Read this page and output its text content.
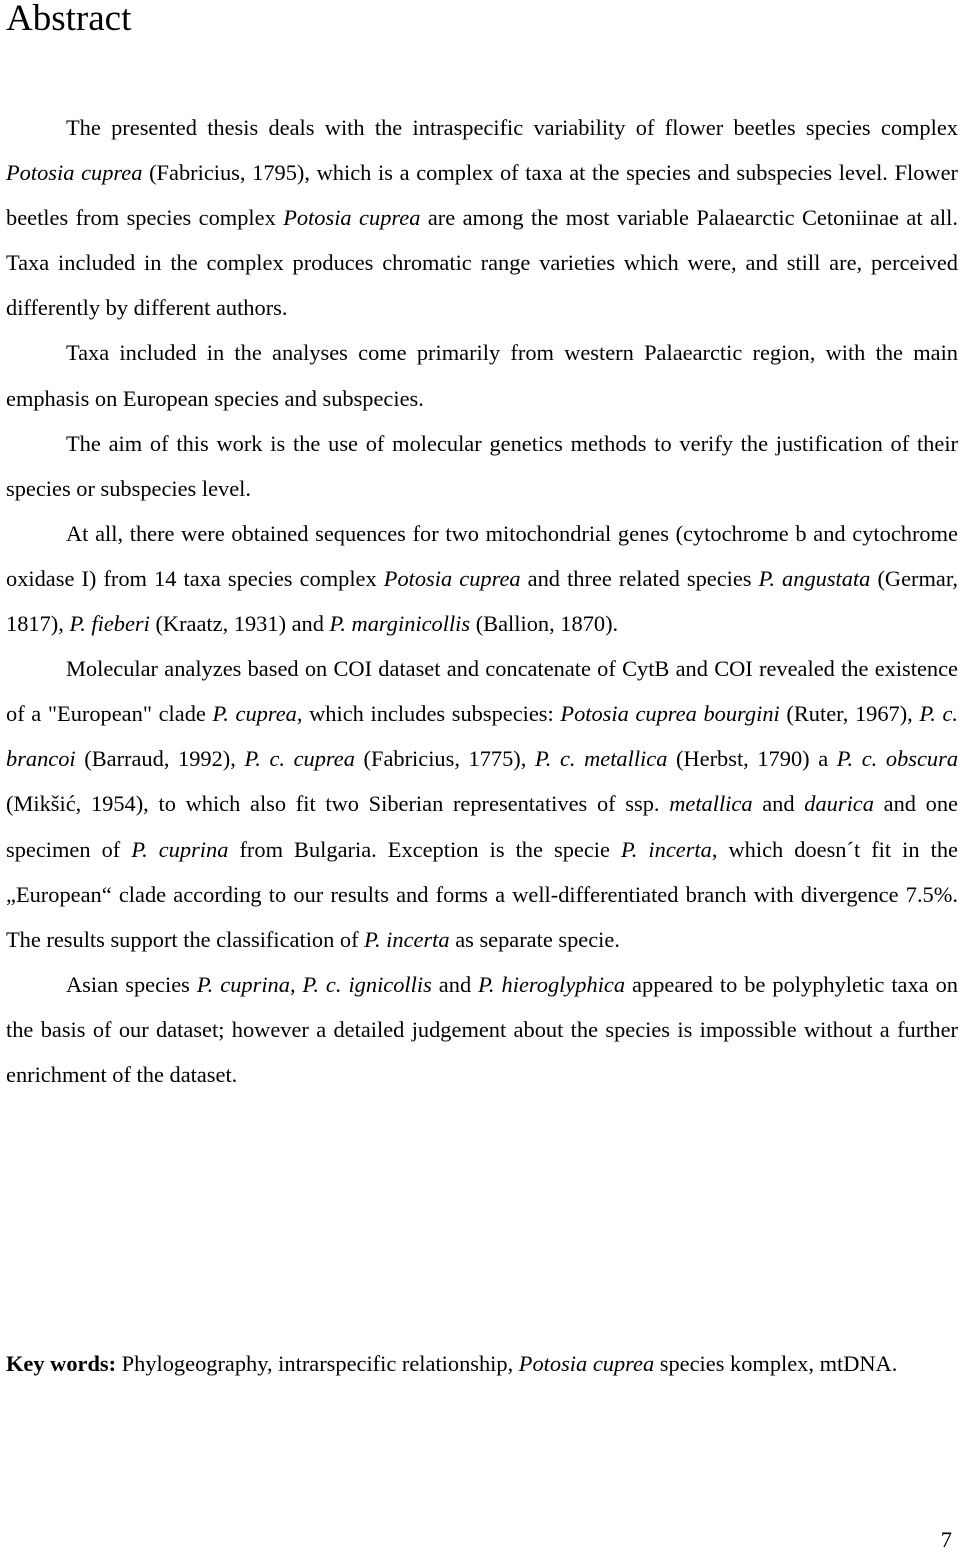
Abstract

The presented thesis deals with the intraspecific variability of flower beetles species complex Potosia cuprea (Fabricius, 1795), which is a complex of taxa at the species and subspecies level. Flower beetles from species complex Potosia cuprea are among the most variable Palaearctic Cetoniinae at all. Taxa included in the complex produces chromatic range varieties which were, and still are, perceived differently by different authors.

Taxa included in the analyses come primarily from western Palaearctic region, with the main emphasis on European species and subspecies.

The aim of this work is the use of molecular genetics methods to verify the justification of their species or subspecies level.

At all, there were obtained sequences for two mitochondrial genes (cytochrome b and cytochrome oxidase I) from 14 taxa species complex Potosia cuprea and three related species P. angustata (Germar, 1817), P. fieberi (Kraatz, 1931) and P. marginicollis (Ballion, 1870).

Molecular analyzes based on COI dataset and concatenate of CytB and COI revealed the existence of a "European" clade P. cuprea, which includes subspecies: Potosia cuprea bourgini (Ruter, 1967), P. c. brancoi (Barraud, 1992), P. c. cuprea (Fabricius, 1775), P. c. metallica (Herbst, 1790) a P. c. obscura (Mikšić, 1954), to which also fit two Siberian representatives of ssp. metallica and daurica and one specimen of P. cuprina from Bulgaria. Exception is the specie P. incerta, which doesn´t fit in the „European“ clade according to our results and forms a well-differentiated branch with divergence 7.5%. The results support the classification of P. incerta as separate specie.

Asian species P. cuprina, P. c. ignicollis and P. hieroglyphica appeared to be polyphyletic taxa on the basis of our dataset; however a detailed judgement about the species is impossible without a further enrichment of the dataset.

Key words: Phylogeography, intrarspecific relationship, Potosia cuprea species komplex, mtDNA.

7
